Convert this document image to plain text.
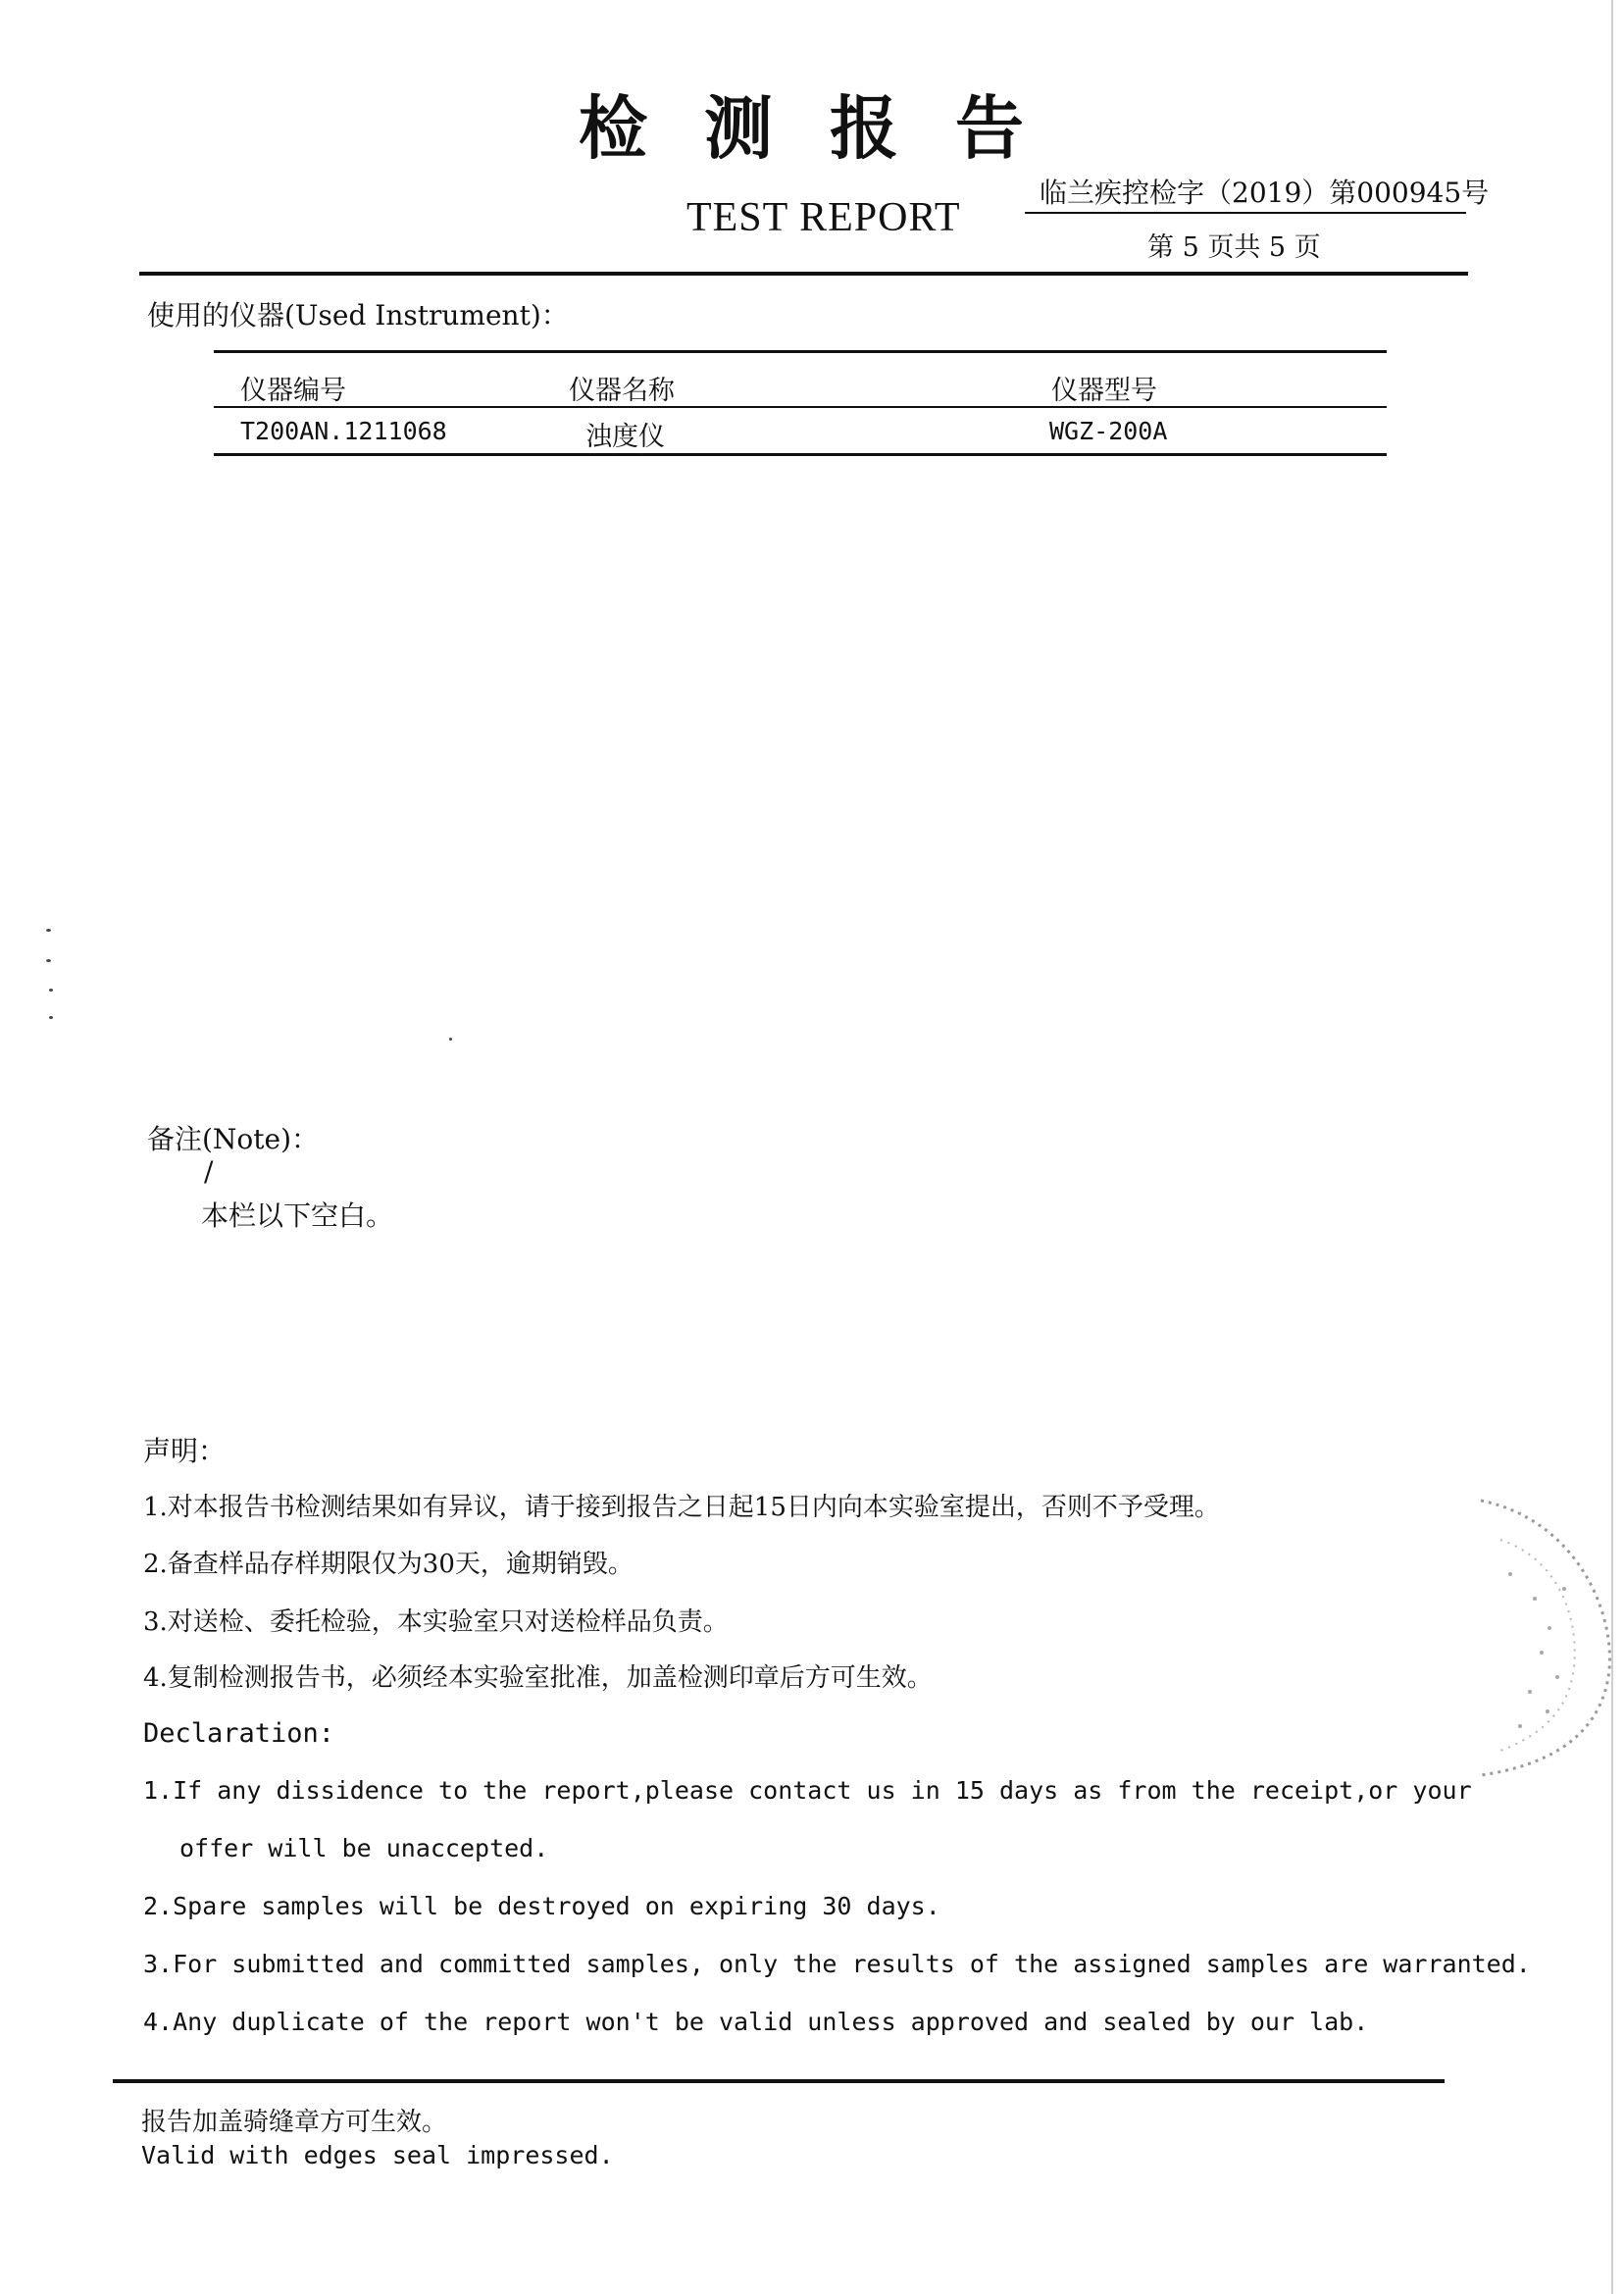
检测报告
TEST REPORT
临兰疾控检字（2019）第000945号
第 5 页共 5 页
使用的仪器(Used Instrument)：
仪器编号	仪器名称	仪器型号
T200AN.1211068	浊度仪	WGZ-200A
备注(Note)：
/
本栏以下空白。
声明：
1.对本报告书检测结果如有异议，请于接到报告之日起15日内向本实验室提出，否则不予受理。
2.备查样品存样期限仅为30天，逾期销毁。
3.对送检、委托检验，本实验室只对送检样品负责。
4.复制检测报告书，必须经本实验室批准，加盖检测印章后方可生效。
Declaration:
1.If any dissidence to the report,please contact us in 15 days as from the receipt,or your
offer will be unaccepted.
2.Spare samples will be destroyed on expiring 30 days.
3.For submitted and committed samples, only the results of the assigned samples are warranted.
4.Any duplicate of the report won't be valid unless approved and sealed by our lab.
报告加盖骑缝章方可生效。
Valid with edges seal impressed.
